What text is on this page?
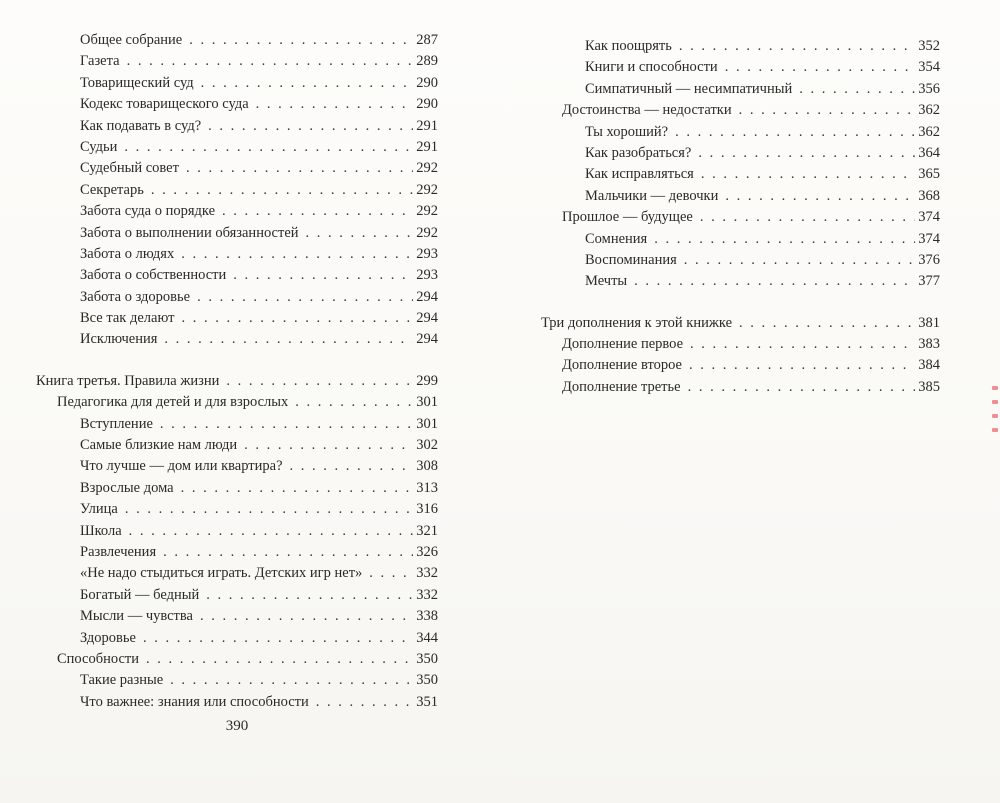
Общее собрание . . .	287
Газета . . .	289
Товарищеский суд . . .	290
Кодекс товарищеского суда . . .	290
Как подавать в суд? . . .	291
Судьи . . .	291
Судебный совет . . .	292
Секретарь . . .	292
Забота суда о порядке . . .	292
Забота о выполнении обязанностей . . .	292
Забота о людях . . .	293
Забота о собственности . . .	293
Забота о здоровье . . .	294
Все так делают . . .	294
Исключения . . .	294
Книга третья. Правила жизни . . .	299
Педагогика для детей и для взрослых . . .	301
Вступление . . .	301
Самые близкие нам люди . . .	302
Что лучше — дом или квартира? . . .	308
Взрослые дома . . .	313
Улица . . .	316
Школа . . .	321
Развлечения . . .	326
«Не надо стыдиться играть. Детских игр нет» . . .	332
Богатый — бедный . . .	332
Мысли — чувства . . .	338
Здоровье . . .	344
Способности . . .	350
Такие разные . . .	350
Что важнее: знания или способности . . .	351
390
Как поощрять . . .	352
Книги и способности . . .	354
Симпатичный — несимпатичный . . .	356
Достоинства — недостатки . . .	362
Ты хороший? . . .	362
Как разобраться? . . .	364
Как исправляться . . .	365
Мальчики — девочки . . .	368
Прошлое — будущее . . .	374
Сомнения . . .	374
Воспоминания . . .	376
Мечты . . .	377
Три дополнения к этой книжке . . .	381
Дополнение первое . . .	383
Дополнение второе . . .	384
Дополнение третье . . .	385
